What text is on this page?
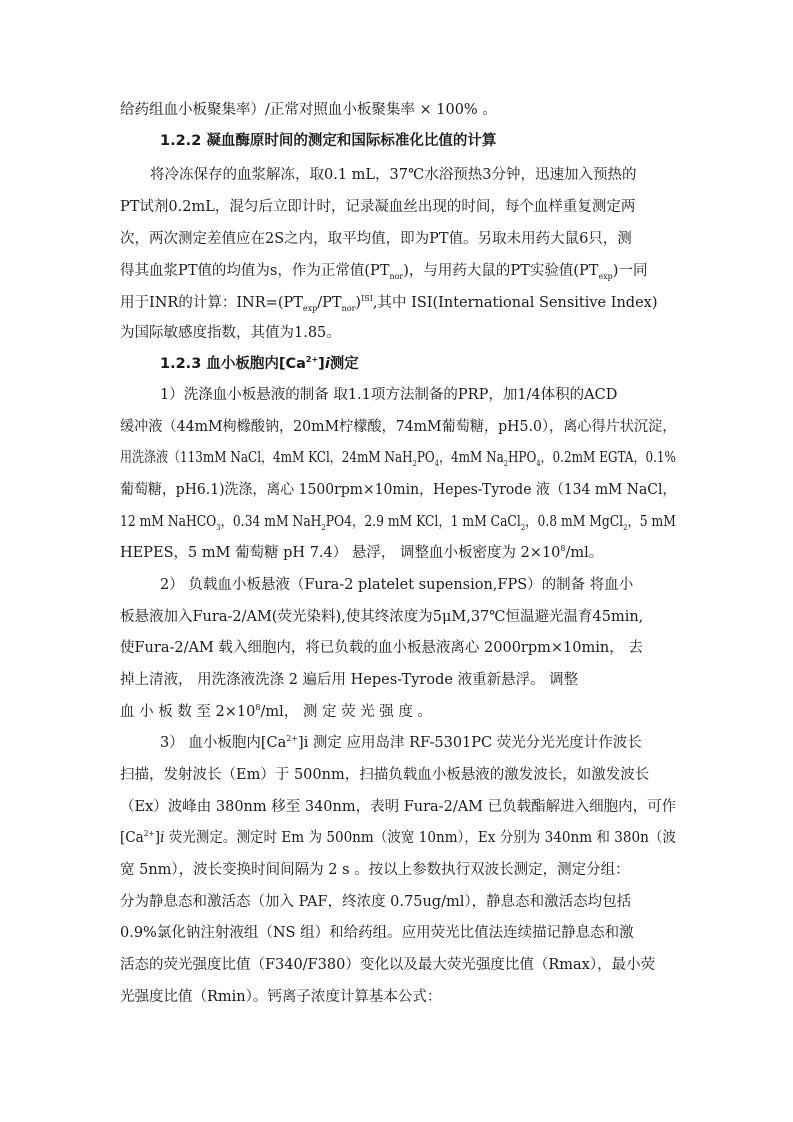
给药组血小板聚集率）/正常对照血小板聚集率 × 100% 。
1.2.2 凝血酶原时间的测定和国际标准化比值的计算
将冷冻保存的血浆解冻，取0.1 mL，37℃水浴预热3分钟，迅速加入预热的
PT试剂0.2mL，混匀后立即计时，记录凝血丝出现的时间，每个血样重复测定两
次，两次测定差值应在2S之内，取平均值，即为PT值。另取未用药大鼠6只，测
得其血浆PT值的均值为s，作为正常值$(PT_{nor})$，与用药大鼠的PT实验值$(PT_{exp})$一同
用于INR的计算：$INR=(PT_{exp}/PT_{nor})^{ISI}$,其中 ISI(International Sensitive Index)
为国际敏感度指数，其值为1.85。
1.2.3 血小板胞内$[Ca^{2+}]i$测定
1）洗涤血小板悬液的制备 取1.1项方法制备的PRP，加1/4体积的ACD
缓冲液（44mM枸橼酸钠，20mM柠檬酸，74mM葡萄糖，pH5.0），离心得片状沉淀，
用洗涤液（113mM NaCl，4mM KCl，24mM $NaH_2PO_4$，4mM $Na_2HPO_4$，0.2mM EGTA，0.1%
葡萄糖，pH6.1)洗涤，离心 1500rpm×10min，Hepes-Tyrode 液（134 mM NaCl，
12 mM NaHCO$_3$，0.34 mM NaH$_2$PO4，2.9 mM KCl，1 mM CaCl$_2$，0.8 mM MgCl$_2$，5 mM
HEPES，5 mM 葡萄糖 pH 7.4） 悬浮， 调整血小板密度为 $2\times 10^8/ml$。
2） 负载血小板悬液（Fura-2 platelet supension,FPS）的制备 将血小
板悬液加入Fura-2/AM(荧光染料),使其终浓度为5μM,37℃恒温避光温育45min,
使Fura-2/AM 载入细胞内，将已负载的血小板悬液离心 2000rpm×10min， 去
掉上清液， 用洗涤液洗涤 2 遍后用 Hepes-Tyrode 液重新悬浮。 调整
血 小 板 数 至 $2\times 10^8/ml$， 测 定 荧 光 强 度 。
3） 血小板胞内$[Ca^{2+}]i$ 测定 应用岛津 RF-5301PC 荧光分光光度计作波长
扫描，发射波长（Em）于 500nm，扫描负载血小板悬液的激发波长，如激发波长
（Ex）波峰由 380nm 移至 340nm，表明 Fura-2/AM 已负载酯解进入细胞内，可作
$[Ca^{2+}]i$ 荧光测定。测定时 Em 为 500nm（波宽 10nm），Ex 分别为 340nm 和 380n（波
宽 5nm），波长变换时间间隔为 2 s 。按以上参数执行双波长测定，测定分组：
分为静息态和激活态（加入 PAF，终浓度 0.75ug/ml），静息态和激活态均包括
0.9%氯化钠注射液组（NS 组）和给药组。应用荧光比值法连续描记静息态和激
活态的荧光强度比值（F340/F380）变化以及最大荧光强度比值（Rmax），最小荧
光强度比值（Rmin）。钙离子浓度计算基本公式：
